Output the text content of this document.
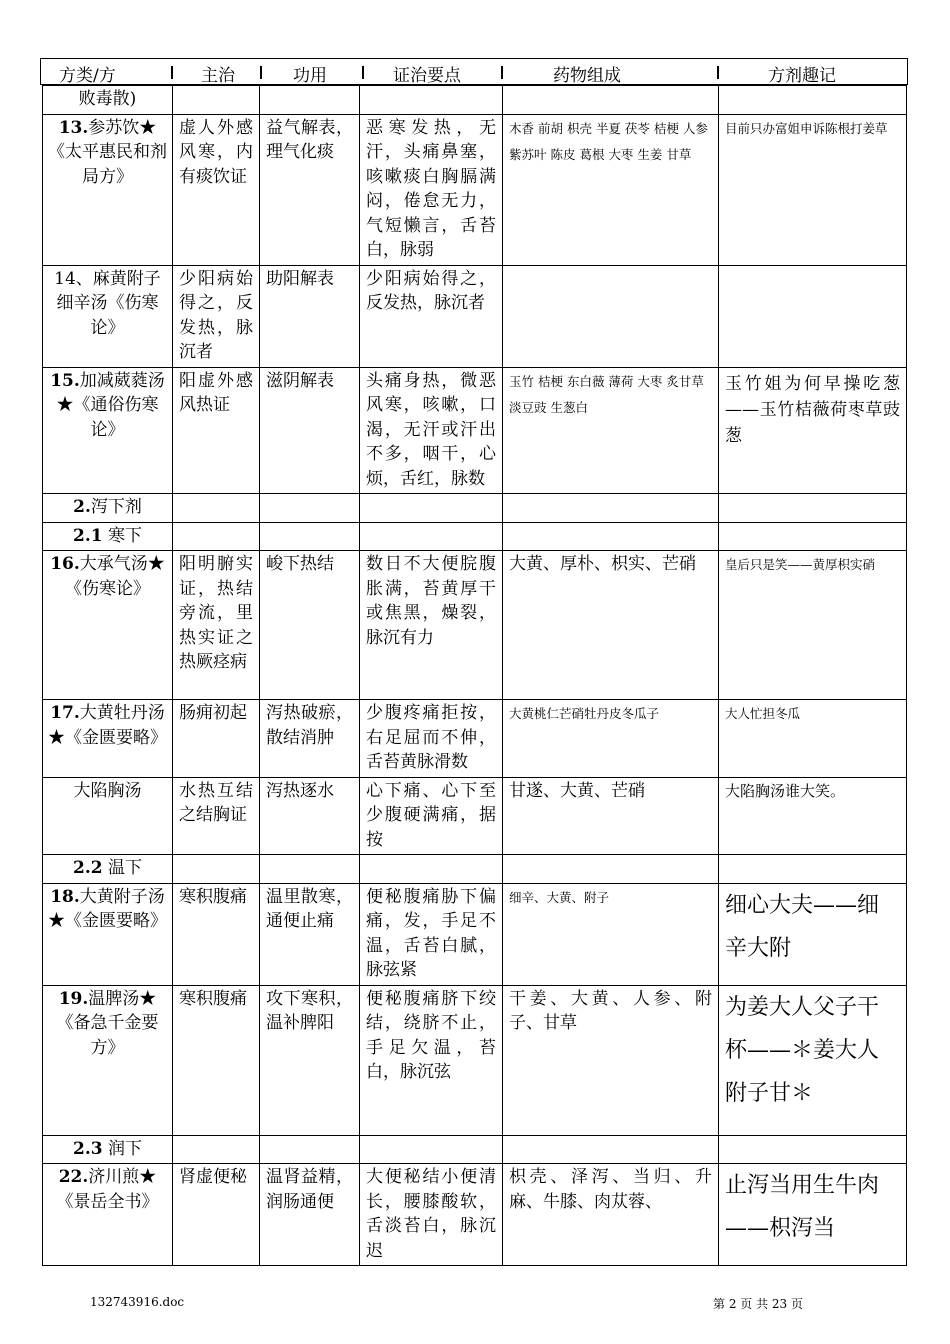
方类/方	主治	功用	证治要点	药物组成	方剂趣记
败毒散)					
13.参苏饮★《太平惠民和剂局方》	虚人外感风寒，内有痰饮证	益气解表，理气化痰	恶寒发热，无汗，头痛鼻塞，咳嗽痰白胸膈满闷，倦怠无力，气短懒言，舌苔白，脉弱	木香 前胡 枳壳 半夏 茯苓 桔梗 人参 紫苏叶 陈皮 葛根 大枣 生姜 甘草	目前只办富姐申诉陈根打姜草
14、麻黄附子细辛汤《伤寒论》	少阳病始得之，反发热，脉沉者	助阳解表	少阳病始得之，反发热，脉沉者		
15.加减葳蕤汤★《通俗伤寒论》	阳虚外感风热证	滋阴解表	头痛身热，微恶风寒，咳嗽，口渴，无汗或汗出不多，咽干，心烦，舌红，脉数	玉竹 桔梗 东白薇 薄荷 大枣 炙甘草 淡豆豉 生葱白	玉竹姐为何早操吃葱——玉竹桔薇荷枣草豉葱
2.泻下剂					
2.1 寒下					
16.大承气汤★《伤寒论》	阳明腑实证，热结旁流，里热实证之热厥痉病	峻下热结	数日不大便脘腹胀满，苔黄厚干或焦黑，燥裂，脉沉有力	大黄、厚朴、枳实、芒硝	皇后只是笑——黄厚枳实硝
17.大黄牡丹汤★《金匮要略》	肠痈初起	泻热破瘀，散结消肿	少腹疼痛拒按，右足屈而不伸，舌苔黄脉滑数	大黄桃仁芒硝牡丹皮冬瓜子	大人忙担冬瓜
大陷胸汤	水热互结之结胸证	泻热逐水	心下痛、心下至少腹硬满痛，据按	甘遂、大黄、芒硝	大陷胸汤谁大笑。
2.2 温下					
18.大黄附子汤★《金匮要略》	寒积腹痛	温里散寒，通便止痛	便秘腹痛胁下偏痛，发，手足不温，舌苔白腻，脉弦紧	细辛、大黄、附子	细心大夫——细辛大附
19.温脾汤★《备急千金要方》	寒积腹痛	攻下寒积，温补脾阳	便秘腹痛脐下绞结，绕脐不止，手足欠温，苔白，脉沉弦	干姜、大黄、人参、附子、甘草	为姜大人父子干杯——＊姜大人附子甘＊
2.3 润下					
22.济川煎★《景岳全书》	肾虚便秘	温肾益精，润肠通便	大便秘结小便清长，腰膝酸软，舌淡苔白，脉沉迟	枳壳、泽泻、当归、升麻、牛膝、肉苁蓉、	止泻当用生牛肉——枳泻当
132743916.doc	第 2 页 共 23 页
